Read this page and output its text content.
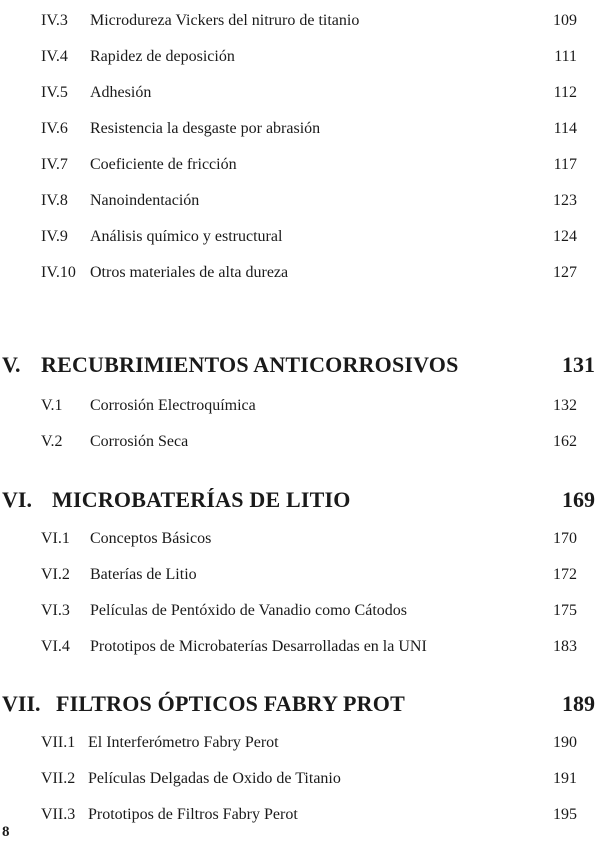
IV.3 Microdureza Vickers del nitruro de titanio	109
IV.4 Rapidez de deposición	111
IV.5 Adhesión	112
IV.6 Resistencia la desgaste por abrasión	114
IV.7 Coeficiente de fricción	117
IV.8 Nanoindentación	123
IV.9 Análisis químico y estructural	124
IV.10 Otros materiales de alta dureza	127
V. RECUBRIMIENTOS ANTICORROSIVOS	131
V.1 Corrosión Electroquímica	132
V.2 Corrosión Seca	162
VI. MICROBATERÍAS DE LITIO	169
VI.1 Conceptos Básicos	170
VI.2 Baterías de Litio	172
VI.3 Películas de Pentóxido de Vanadio como Cátodos	175
VI.4 Prototipos de Microbaterías Desarrolladas en la UNI	183
VII. FILTROS ÓPTICOS FABRY PROT	189
VII.1 El Interferómetro Fabry Perot	190
VII.2 Películas Delgadas de Oxido de Titanio	191
VII.3 Prototipos de Filtros Fabry Perot	195
8
